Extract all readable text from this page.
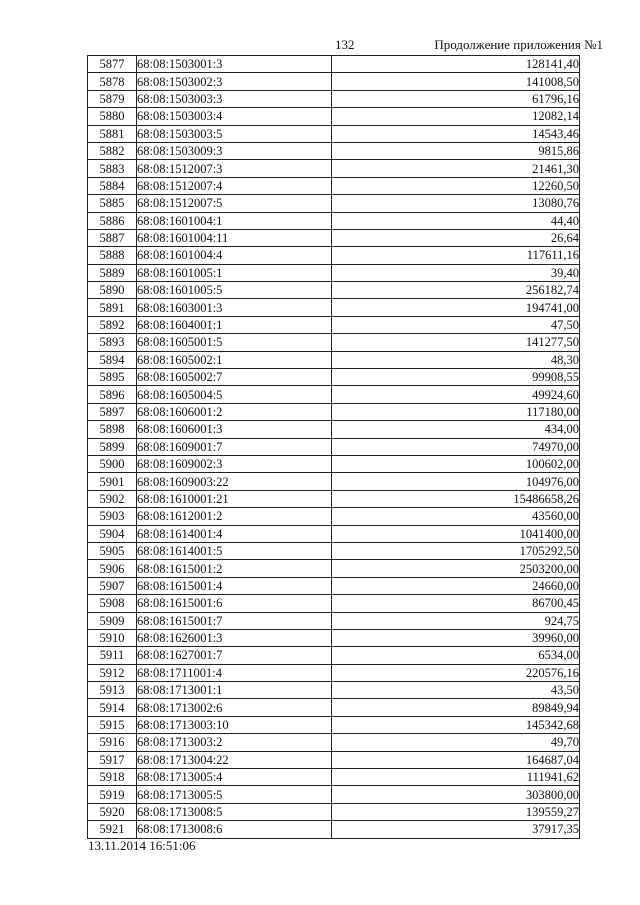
132	Продолжение приложения №1
5877	68:08:1503001:3	128141,40
5878	68:08:1503002:3	141008,50
5879	68:08:1503003:3	61796,16
5880	68:08:1503003:4	12082,14
5881	68:08:1503003:5	14543,46
5882	68:08:1503009:3	9815,86
5883	68:08:1512007:3	21461,30
5884	68:08:1512007:4	12260,50
5885	68:08:1512007:5	13080,76
5886	68:08:1601004:1	44,40
5887	68:08:1601004:11	26,64
5888	68:08:1601004:4	117611,16
5889	68:08:1601005:1	39,40
5890	68:08:1601005:5	256182,74
5891	68:08:1603001:3	194741,00
5892	68:08:1604001:1	47,50
5893	68:08:1605001:5	141277,50
5894	68:08:1605002:1	48,30
5895	68:08:1605002:7	99908,55
5896	68:08:1605004:5	49924,60
5897	68:08:1606001:2	117180,00
5898	68:08:1606001:3	434,00
5899	68:08:1609001:7	74970,00
5900	68:08:1609002:3	100602,00
5901	68:08:1609003:22	104976,00
5902	68:08:1610001:21	15486658,26
5903	68:08:1612001:2	43560,00
5904	68:08:1614001:4	1041400,00
5905	68:08:1614001:5	1705292,50
5906	68:08:1615001:2	2503200,00
5907	68:08:1615001:4	24660,00
5908	68:08:1615001:6	86700,45
5909	68:08:1615001:7	924,75
5910	68:08:1626001:3	39960,00
5911	68:08:1627001:7	6534,00
5912	68:08:1711001:4	220576,16
5913	68:08:1713001:1	43,50
5914	68:08:1713002:6	89849,94
5915	68:08:1713003:10	145342,68
5916	68:08:1713003:2	49,70
5917	68:08:1713004:22	164687,04
5918	68:08:1713005:4	111941,62
5919	68:08:1713005:5	303800,00
5920	68:08:1713008:5	139559,27
5921	68:08:1713008:6	37917,35
13.11.2014 16:51:06
